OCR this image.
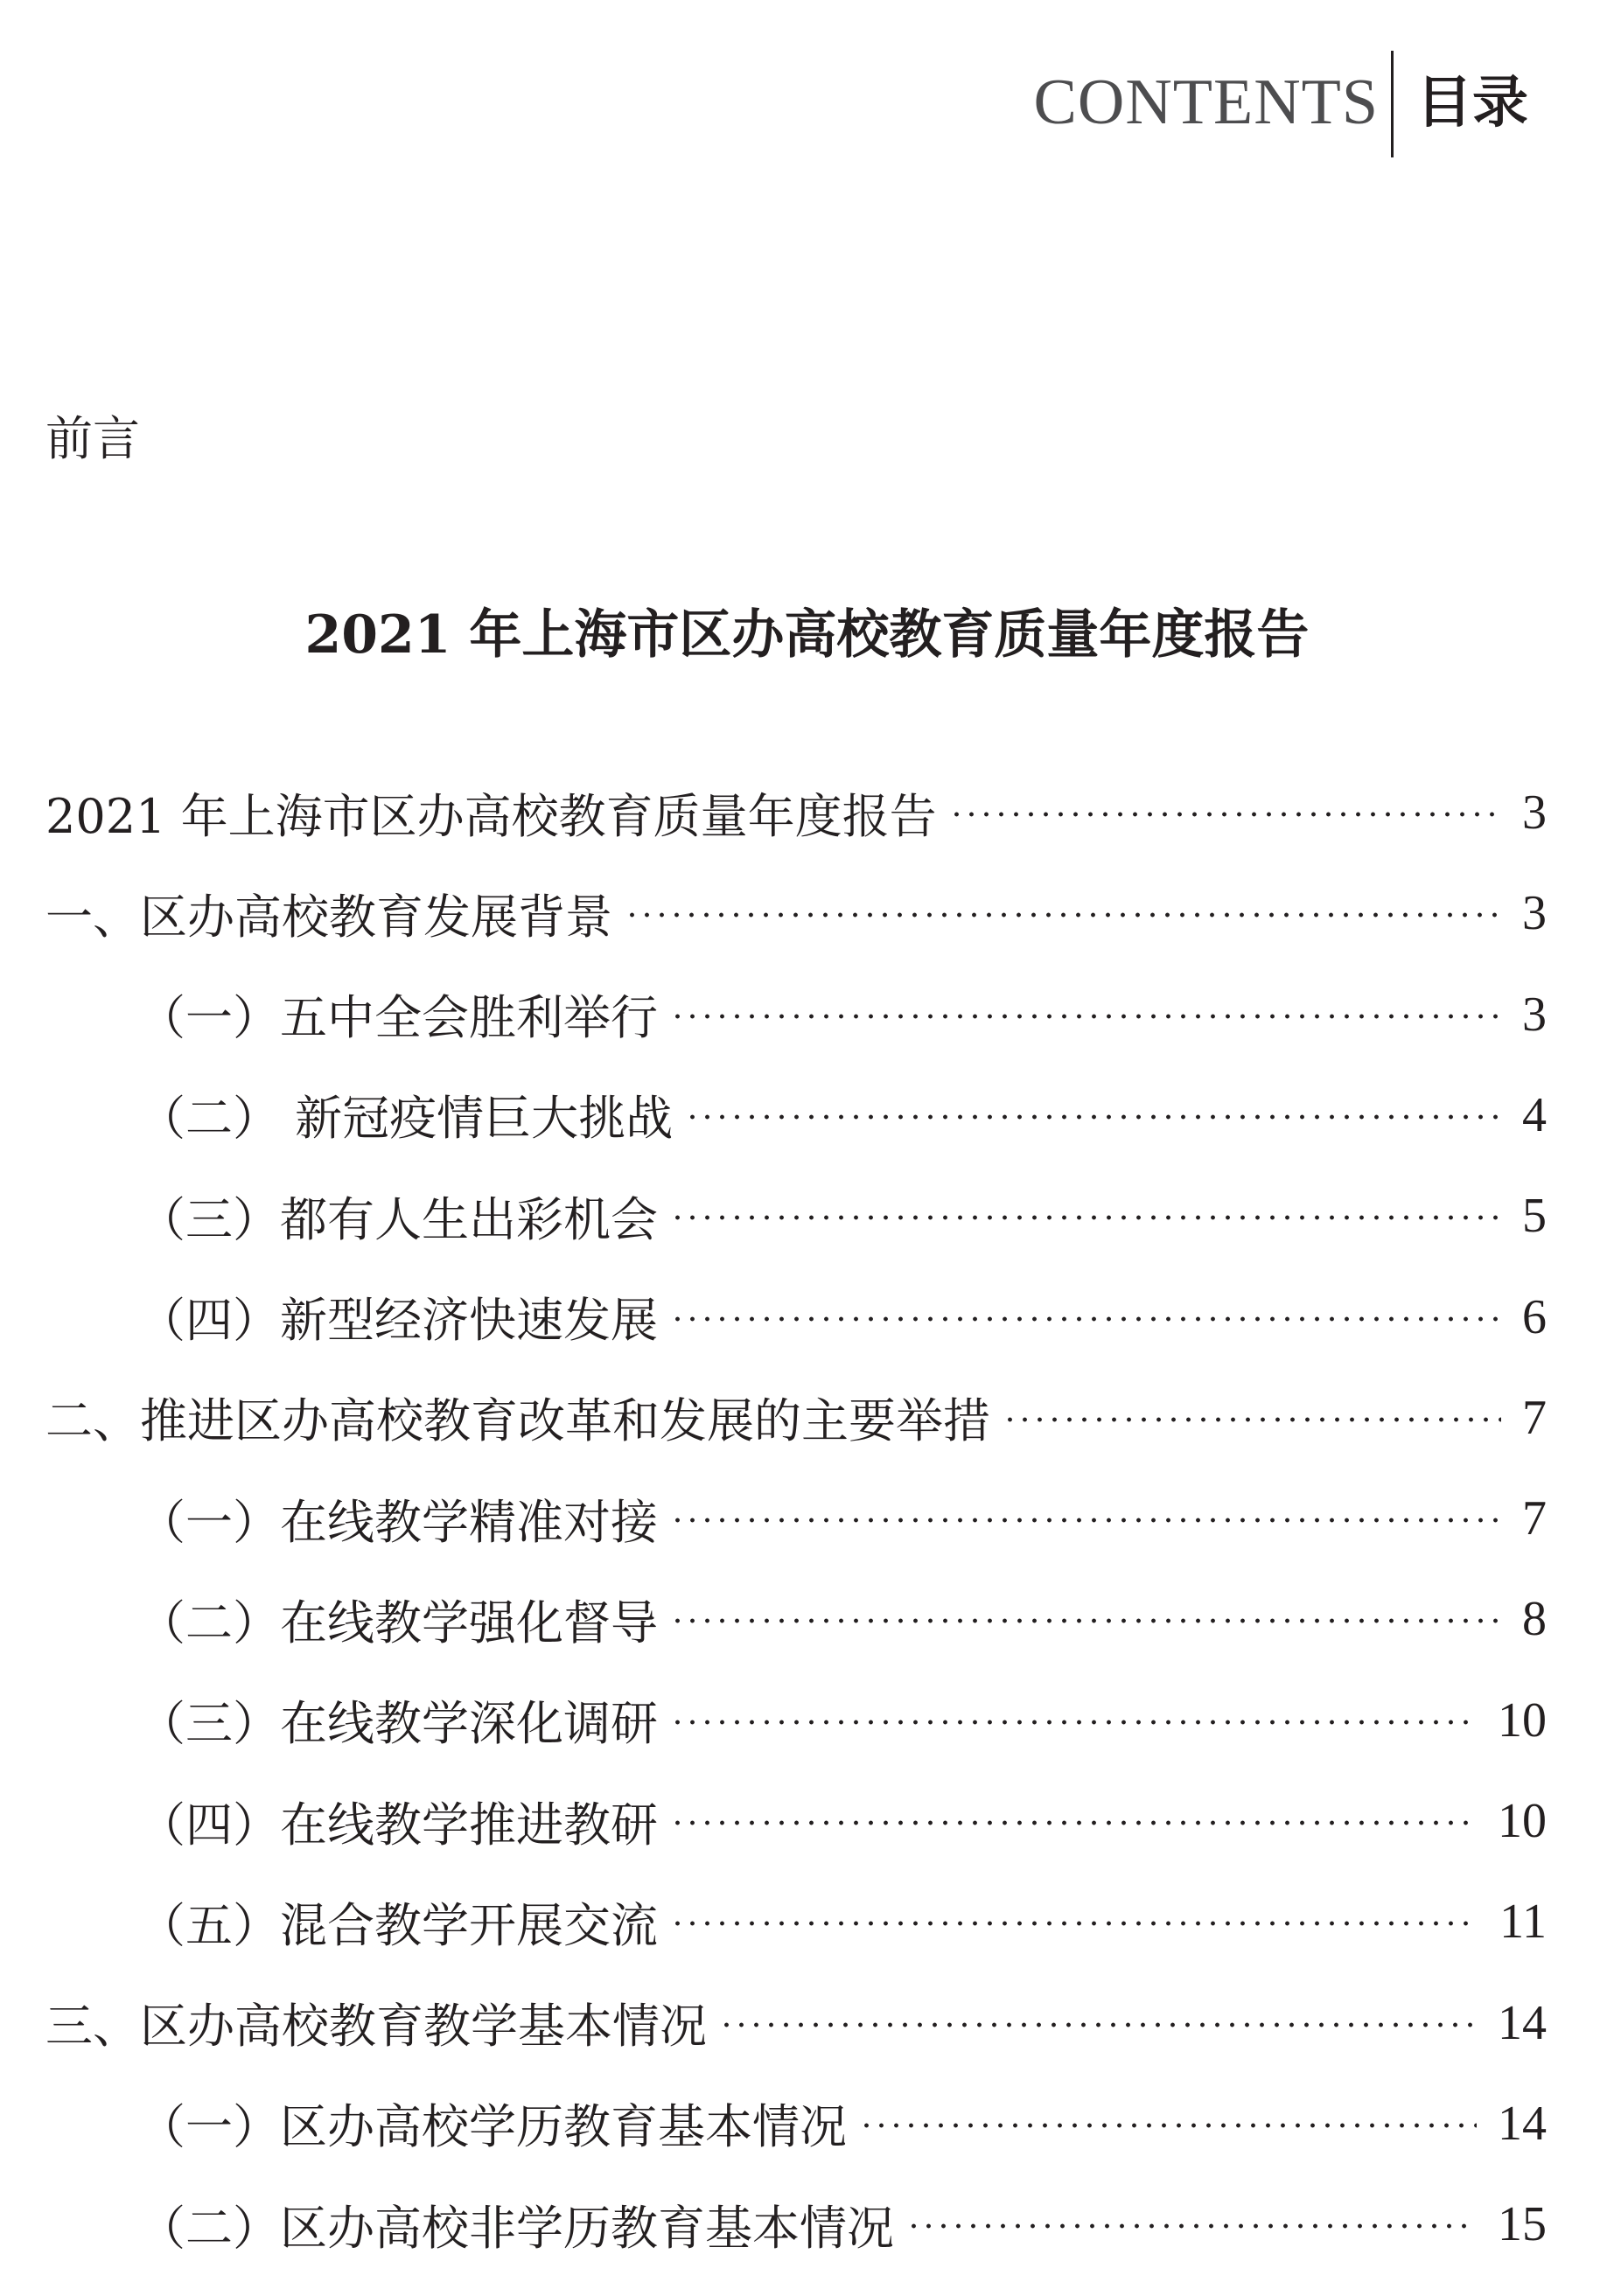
CONTENTS 目录
前言
2021 年上海市区办高校教育质量年度报告
2021 年上海市区办高校教育质量年度报告	3
一、区办高校教育发展背景	3
（一）五中全会胜利举行	3
（二） 新冠疫情巨大挑战	4
（三）都有人生出彩机会	5
（四）新型经济快速发展	6
二、推进区办高校教育改革和发展的主要举措	7
（一）在线教学精准对接	7
（二）在线教学强化督导	8
（三）在线教学深化调研	10
（四）在线教学推进教研	10
（五）混合教学开展交流	11
三、区办高校教育教学基本情况	14
（一）区办高校学历教育基本情况	14
（二）区办高校非学历教育基本情况	15
